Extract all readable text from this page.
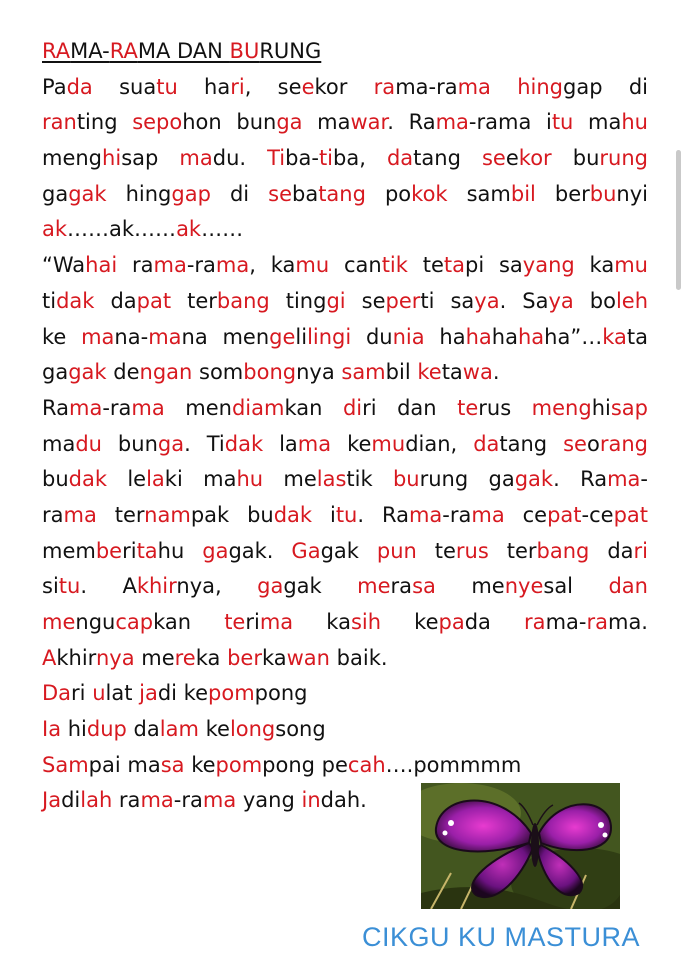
RAMA-RAMA DAN BURUNG
Pada suatu hari, seekor rama-rama hinggap di
ranting sepohon bunga mawar. Rama-rama itu mahu
menghisap madu. Tiba-tiba, datang seekor burung
gagak hinggap di sebatang pokok sambil berbunyi
ak……ak……ak……
“Wahai rama-rama, kamu cantik tetapi sayang kamu
tidak dapat terbang tinggi seperti saya. Saya boleh
ke mana-mana mengelilingi dunia hahahahaha”…kata
gagak dengan sombongnya sambil ketawa.
Rama-rama mendiamkan diri dan terus menghisap
madu bunga. Tidak lama kemudian, datang seorang
budak lelaki mahu melastik burung gagak. Rama-
rama ternampak budak itu. Rama-rama cepat-cepat
memberitahu gagak. Gagak pun terus terbang dari
situ. Akhirnya, gagak merasa menyesal dan
mengucapkan terima kasih kepada rama-rama.
Akhirnya mereka berkawan baik.
Dari ulat jadi kepompong
Ia hidup dalam kelongsong
Sampai masa kepompong pecah….pommmm
Jadilah rama-rama yang indah.
CIKGU KU MASTURA
